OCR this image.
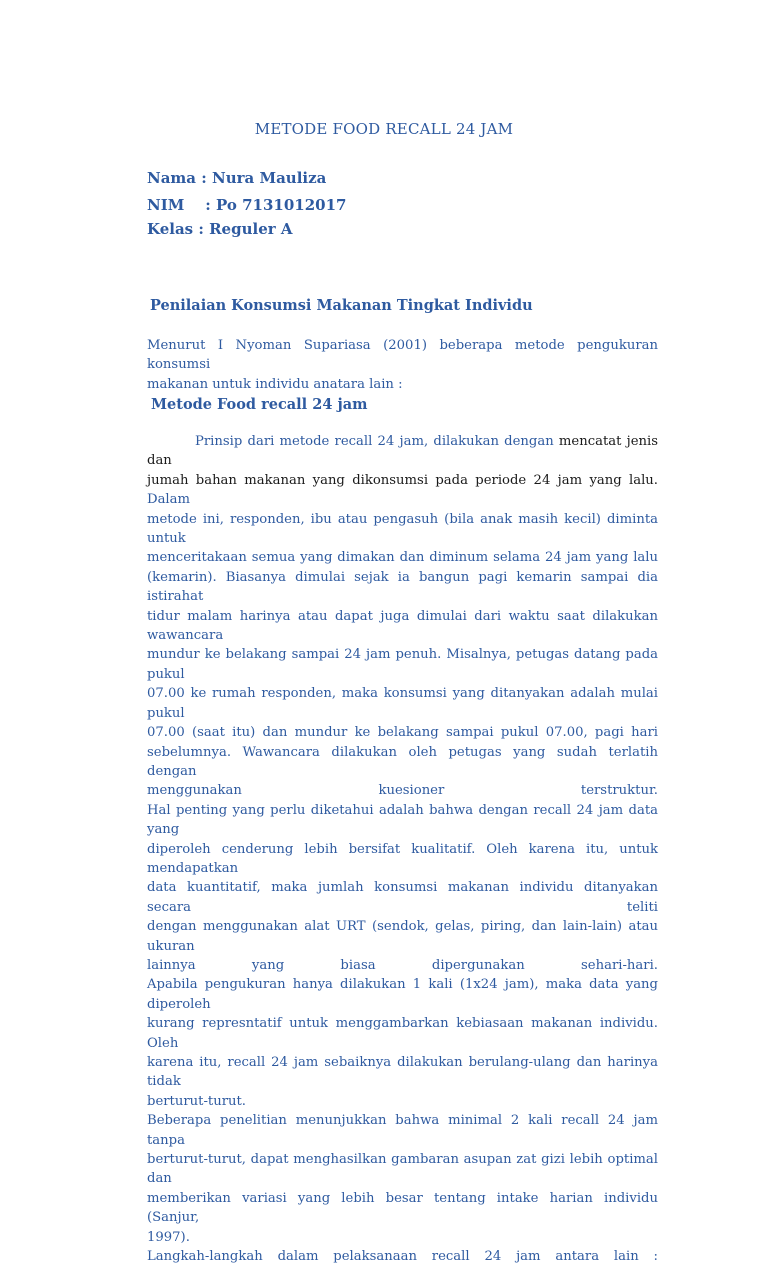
METODE FOOD RECALL 24 JAM
Nama : Nura Mauliza
NIM    : Po 7131012017
Kelas : Reguler A
Penilaian Konsumsi Makanan Tingkat Individu
Menurut I Nyoman Supariasa (2001) beberapa metode pengukuran konsumsi
makanan untuk individu anatara lain :
Metode Food recall 24 jam
Prinsip dari metode recall 24 jam, dilakukan dengan mencatat jenis dan
jumah bahan makanan yang dikonsumsi pada periode 24 jam yang lalu. Dalam
metode ini, responden, ibu atau pengasuh (bila anak masih kecil) diminta untuk
menceritakaan semua yang dimakan dan diminum selama 24 jam yang lalu
(kemarin). Biasanya dimulai sejak ia bangun pagi kemarin sampai dia istirahat
tidur malam harinya atau dapat juga dimulai dari waktu saat dilakukan wawancara
mundur ke belakang sampai 24 jam penuh. Misalnya, petugas datang pada pukul
07.00 ke rumah responden, maka konsumsi yang ditanyakan adalah mulai pukul
07.00 (saat itu) dan mundur ke belakang sampai pukul 07.00, pagi hari
sebelumnya. Wawancara dilakukan oleh petugas yang sudah terlatih dengan
menggunakan kuesioner terstruktur.
Hal penting yang perlu diketahui adalah bahwa dengan recall 24 jam data yang
diperoleh cenderung lebih bersifat kualitatif. Oleh karena itu, untuk mendapatkan
data kuantitatif, maka jumlah konsumsi makanan individu ditanyakan secara teliti
dengan menggunakan alat URT (sendok, gelas, piring, dan lain-lain) atau ukuran
lainnya yang biasa dipergunakan sehari-hari.
Apabila pengukuran hanya dilakukan 1 kali (1x24 jam), maka data yang diperoleh
kurang represntatif untuk menggambarkan kebiasaan makanan individu. Oleh
karena itu, recall 24 jam sebaiknya dilakukan berulang-ulang dan harinya tidak
berturut-turut.
Beberapa penelitian menunjukkan bahwa minimal 2 kali recall 24 jam tanpa
berturut-turut, dapat menghasilkan gambaran asupan zat gizi lebih optimal dan
memberikan variasi yang lebih besar tentang intake harian individu (Sanjur,
1997).
Langkah-langkah dalam pelaksanaan recall 24 jam antara lain :
